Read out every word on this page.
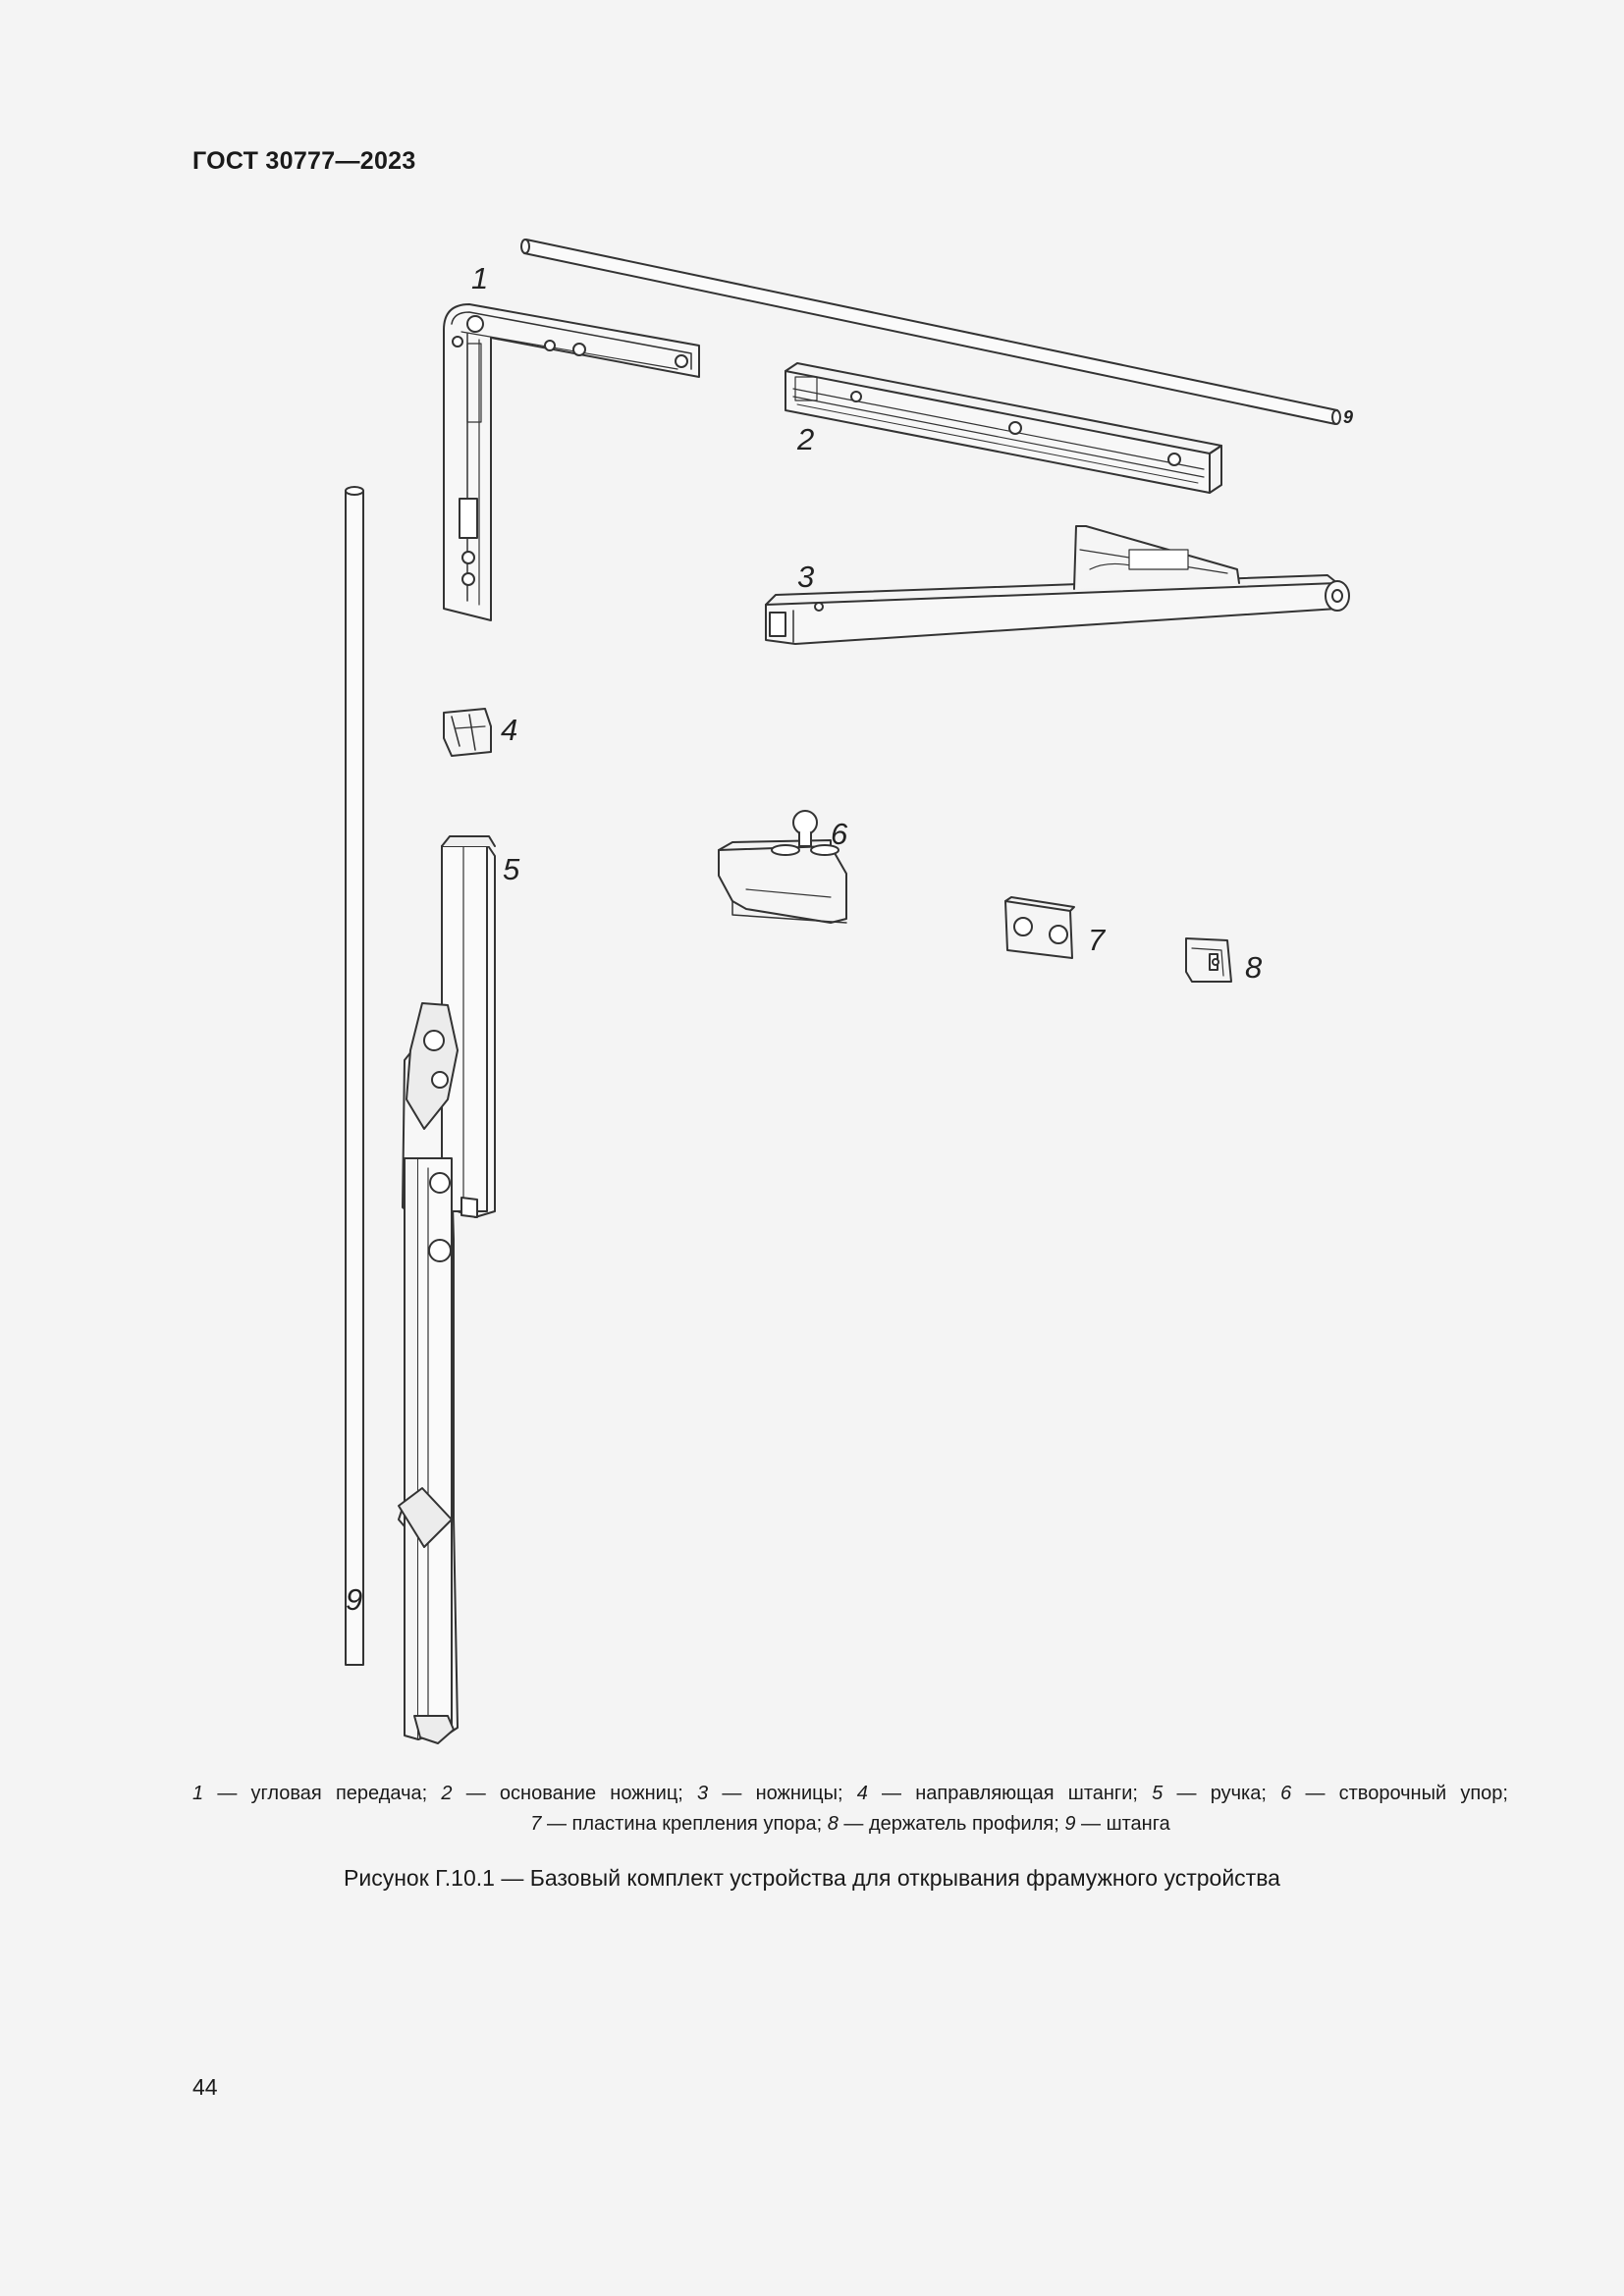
ГОСТ 30777—2023
1
9
2
3
4
5
6
7
8
9
1 — угловая передача; 2 — основание ножниц; 3 — ножницы; 4 — направляющая штанги; 5 — ручка; 6 — створочный упор;
7 — пластина крепления упора; 8 — держатель профиля; 9 — штанга
Рисунок Г.10.1 — Базовый комплект устройства для открывания фрамужного устройства
44
